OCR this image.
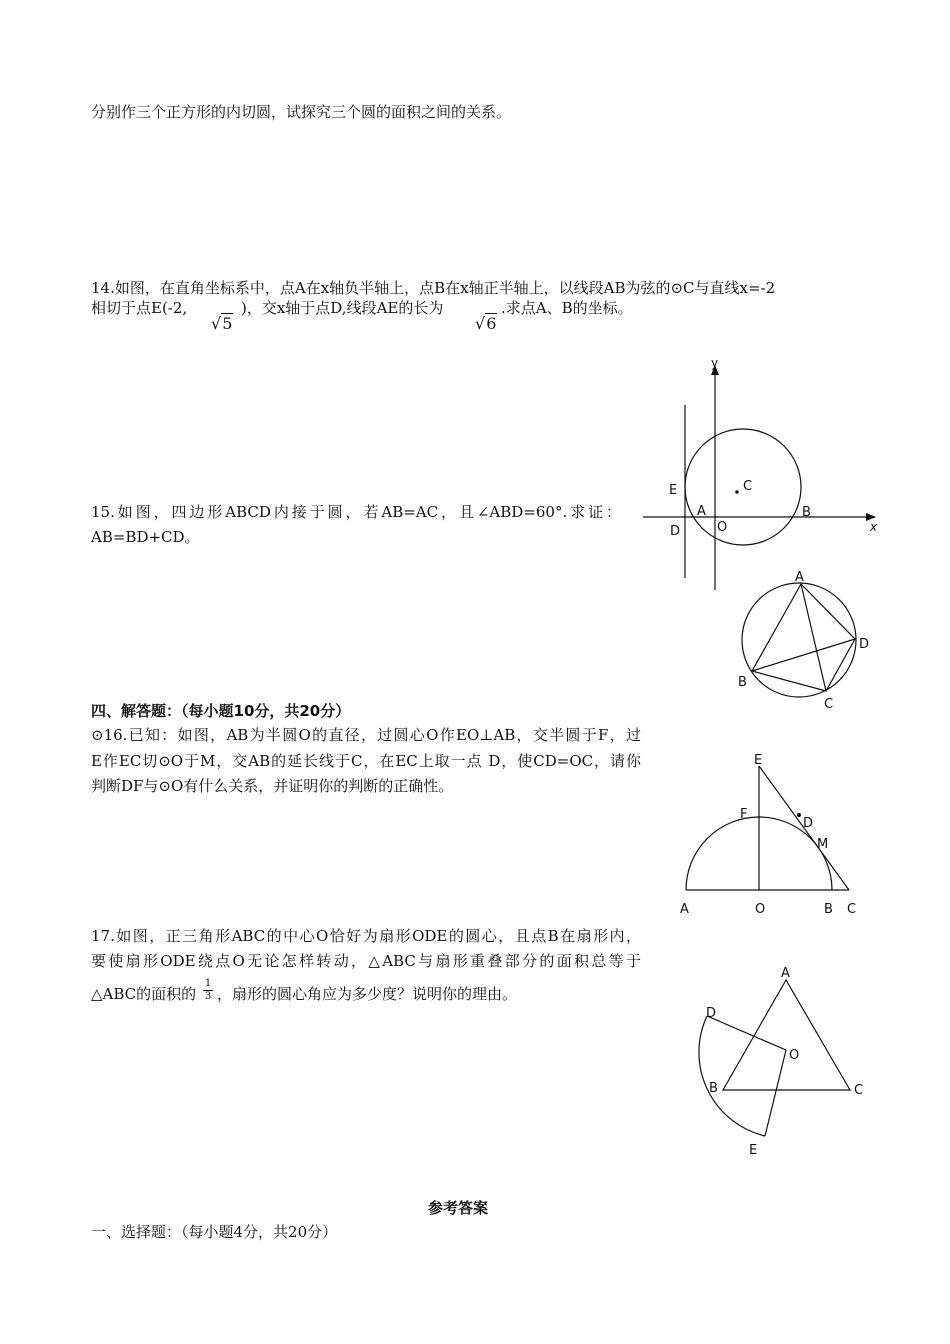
分别作三个正方形的内切圆，试探究三个圆的面积之间的关系。
14.如图，在直角坐标系中，点A在x轴负半轴上，点B在x轴正半轴上，以线段AB为弦的⊙C与直线x=-2
相切于点E(-2,
√5
)，交x轴于点D,线段AE的长为
√6
.求点A、B的坐标。
15.如图，四边形ABCD内接于圆，若AB=AC，且∠ABD=60°.求证：
AB=BD+CD。
四、解答题：（每小题10分，共20分）
⊙16.已知：如图，AB为半圆O的直径，过圆心O作EO⊥AB，交半圆于F，过
E作EC切⊙O于M，交AB的延长线于C，在EC上取一点 D，使CD=OC，请你
判断DF与⊙O有什么关系，并证明你的判断的正确性。
17.如图，正三角形ABC的中心O恰好为扇形ODE的圆心，且点B在扇形内，
要使扇形ODE绕点O无论怎样转动，△ABC与扇形重叠部分的面积总等于
△ABC的面积的 $\frac{1}{3}$ ，扇形的圆心角应为多少度？说明你的理由。
参考答案
一、选择题：（每小题4分，共20分）
y
x
E	C
A	B
D	O
A
D
B
C
E
F
D
M
A	O	B C
A
D
O
B	C
E
